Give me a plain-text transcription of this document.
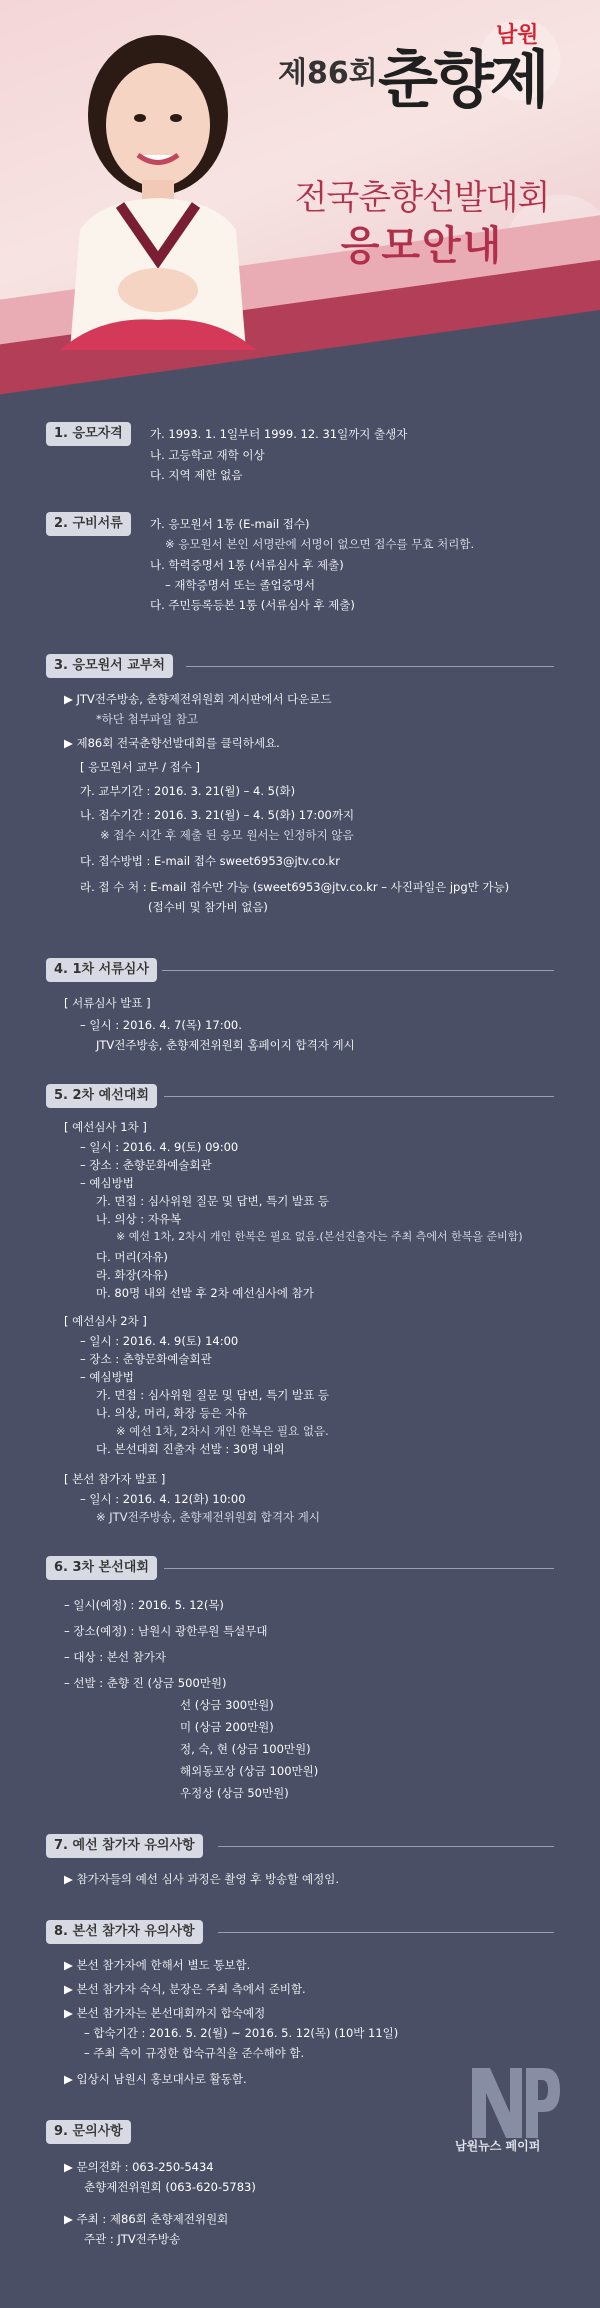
제86회
남원
춘향제
전국춘향선발대회
응모안내
1. 응모자격	가. 1993. 1. 1일부터 1999. 12. 31일까지 출생자
나. 고등학교 재학 이상
다. 지역 제한 없음
2. 구비서류	가. 응모원서 1통 (E-mail 접수)
※ 응모원서 본인 서명란에 서명이 없으면 접수를 무효 처리함.
나. 학력증명서 1통 (서류심사 후 제출)
– 재학증명서 또는 졸업증명서
다. 주민등록등본 1통 (서류심사 후 제출)
3. 응모원서 교부처
▶ JTV전주방송, 춘향제전위원회 게시판에서 다운로드
*하단 첨부파일 참고
▶ 제86회 전국춘향선발대회를 클릭하세요.
[ 응모원서 교부 / 접수 ]
가. 교부기간 : 2016. 3. 21(월) – 4. 5(화)
나. 접수기간 : 2016. 3. 21(월) – 4. 5(화) 17:00까지
※ 접수 시간 후 제출 된 응모 원서는 인정하지 않음
다. 접수방법 : E-mail 접수 sweet6953@jtv.co.kr
라. 접 수 처 : E-mail 접수만 가능 (sweet6953@jtv.co.kr – 사진파일은 jpg만 가능)
(접수비 및 참가비 없음)
4. 1차 서류심사
[ 서류심사 발표 ]
– 일시 : 2016. 4. 7(목) 17:00.
JTV전주방송, 춘향제전위원회 홈페이지 합격자 게시
5. 2차 예선대회
[ 예선심사 1차 ]
– 일시 : 2016. 4. 9(토) 09:00
– 장소 : 춘향문화예술회관
– 예심방법
가. 면접 : 심사위원 질문 및 답변, 특기 발표 등
나. 의상 : 자유복
※ 예선 1차, 2차시 개인 한복은 필요 없음.(본선진출자는 주최 측에서 한복을 준비함)
다. 머리(자유)
라. 화장(자유)
마. 80명 내외 선발 후 2차 예선심사에 참가
[ 예선심사 2차 ]
– 일시 : 2016. 4. 9(토) 14:00
– 장소 : 춘향문화예술회관
– 예심방법
가. 면접 : 심사위원 질문 및 답변, 특기 발표 등
나. 의상, 머리, 화장 등은 자유
※ 예선 1차, 2차시 개인 한복은 필요 없음.
다. 본선대회 진출자 선발 : 30명 내외
[ 본선 참가자 발표 ]
– 일시 : 2016. 4. 12(화) 10:00
※ JTV전주방송, 춘향제전위원회 합격자 게시
6. 3차 본선대회
– 일시(예정) : 2016. 5. 12(목)
– 장소(예정) : 남원시 광한루원 특설무대
– 대상 : 본선 참가자
– 선발 : 춘향 진 (상금 500만원)
선 (상금 300만원)
미 (상금 200만원)
정, 숙, 현 (상금 100만원)
해외동포상 (상금 100만원)
우정상 (상금 50만원)
7. 예선 참가자 유의사항
▶ 참가자들의 예선 심사 과정은 촬영 후 방송할 예정임.
8. 본선 참가자 유의사항
▶ 본선 참가자에 한해서 별도 통보함.
▶ 본선 참가자 숙식, 분장은 주최 측에서 준비함.
▶ 본선 참가자는 본선대회까지 합숙예정
– 합숙기간 : 2016. 5. 2(월) ~ 2016. 5. 12(목) (10박 11일)
– 주최 측이 규정한 합숙규칙을 준수해야 함.
▶ 입상시 남원시 홍보대사로 활동함.
9. 문의사항
▶ 문의전화 : 063-250-5434
춘향제전위원회 (063-620-5783)
▶ 주최 : 제86회 춘향제전위원회
주관 : JTV전주방송
남원뉴스 페이퍼
